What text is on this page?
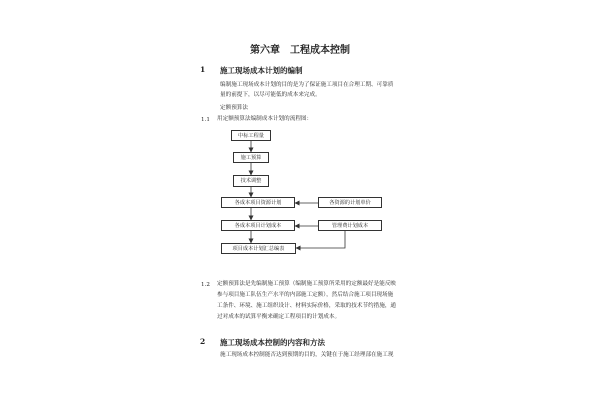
第六章　工程成本控制
1 施工现场成本计划的编制
编制施工现场成本计划的目的是为了保证施工项目在合理工期、可靠质
量的前提下，以尽可能低的成本来完成。
定额预算法
1.1 用定额预算法编制成本计划的流程图：
中标工程量
施工预算
技术调整
各成本项目资源计划	各资源的计划单价
各成本项目计划成本	管理费计划成本
项目成本计划汇总编表
1.2 定额预算法是先编制施工预算（编制施工预算所采用的定额最好是能反映
参与项目施工队伍生产水平的内部施工定额），然后结合施工项目现场施
工条件、环境、施工组织设计、材料实际价格，采取的技术节约措施，通
过对成本的试算平衡来确定工程项目的计划成本。
2 施工现场成本控制的内容和方法
施工现场成本控制能否达到预期的目的，关键在于施工经理部在施工现
